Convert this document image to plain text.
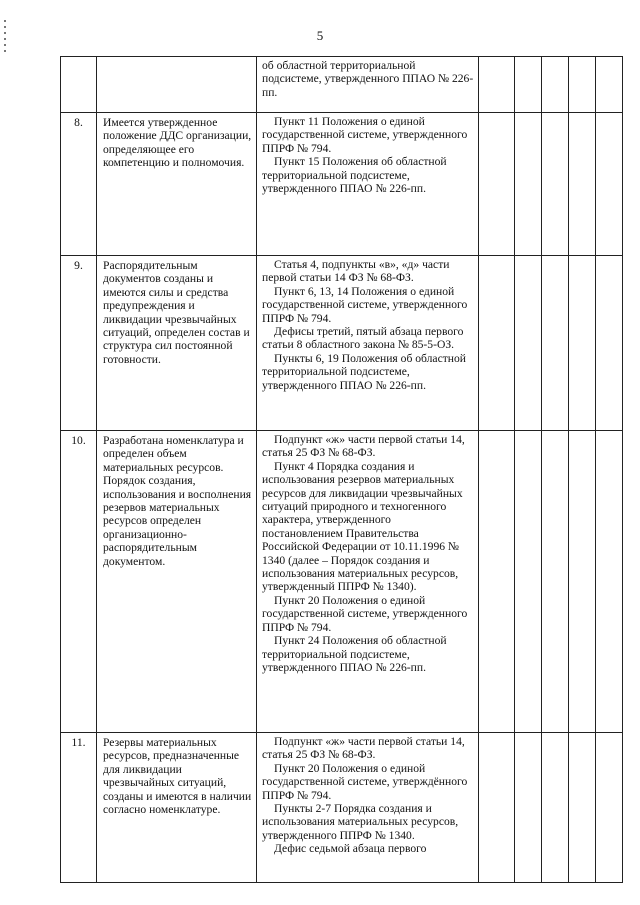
5

		об областной территориальной подсистеме, утвержденного ППАО № 226-пп.					

8.	Имеется утвержденное положение ДДС организации, определяющее его компетенцию и полномочия.	Пункт 11 Положения о единой государственной системе, утвержденного ППРФ № 794.

Пункт 15 Положения об областной территориальной подсистеме, утвержденного ППАО № 226-пп.					

9.	Распорядительным документов созданы и имеются силы и средства предупреждения и ликвидации чрезвычайных ситуаций, определен состав и структура сил постоянной готовности.	Статья 4, подпункты «в», «д» части первой статьи 14 ФЗ № 68-ФЗ.

Пункт 6, 13, 14 Положения о единой государственной системе, утвержденного ППРФ № 794.

Дефисы третий, пятый абзаца первого статьи 8 областного закона № 85-5-ОЗ.

Пункты 6, 19 Положения об областной территориальной подсистеме, утвержденного ППАО № 226-пп.					

10.	Разработана номенклатура и определен объем материальных ресурсов. Порядок создания, использования и восполнения резервов материальных ресурсов определен организационно-распорядительным документом.	Подпункт «ж» части первой статьи 14, статья 25 ФЗ № 68-ФЗ.

Пункт 4 Порядка создания и использования резервов материальных ресурсов для ликвидации чрезвычайных ситуаций природного и техногенного характера, утвержденного постановлением Правительства Российской Федерации от 10.11.1996 № 1340 (далее – Порядок создания и использования материальных ресурсов, утвержденный ППРФ № 1340).

Пункт 20 Положения о единой государственной системе, утвержденного ППРФ № 794.

Пункт 24 Положения об областной территориальной подсистеме, утвержденного ППАО № 226-пп.					

11.	Резервы материальных ресурсов, предназначенные для ликвидации чрезвычайных ситуаций, созданы и имеются в наличии согласно номенклатуре.	Подпункт «ж» части первой статьи 14, статья 25 ФЗ № 68-ФЗ.

Пункт 20 Положения о единой государственной системе, утверждённого ППРФ № 794.

Пункты 2-7 Порядка создания и использования материальных ресурсов, утвержденного ППРФ № 1340.

Дефис седьмой абзаца первого					
